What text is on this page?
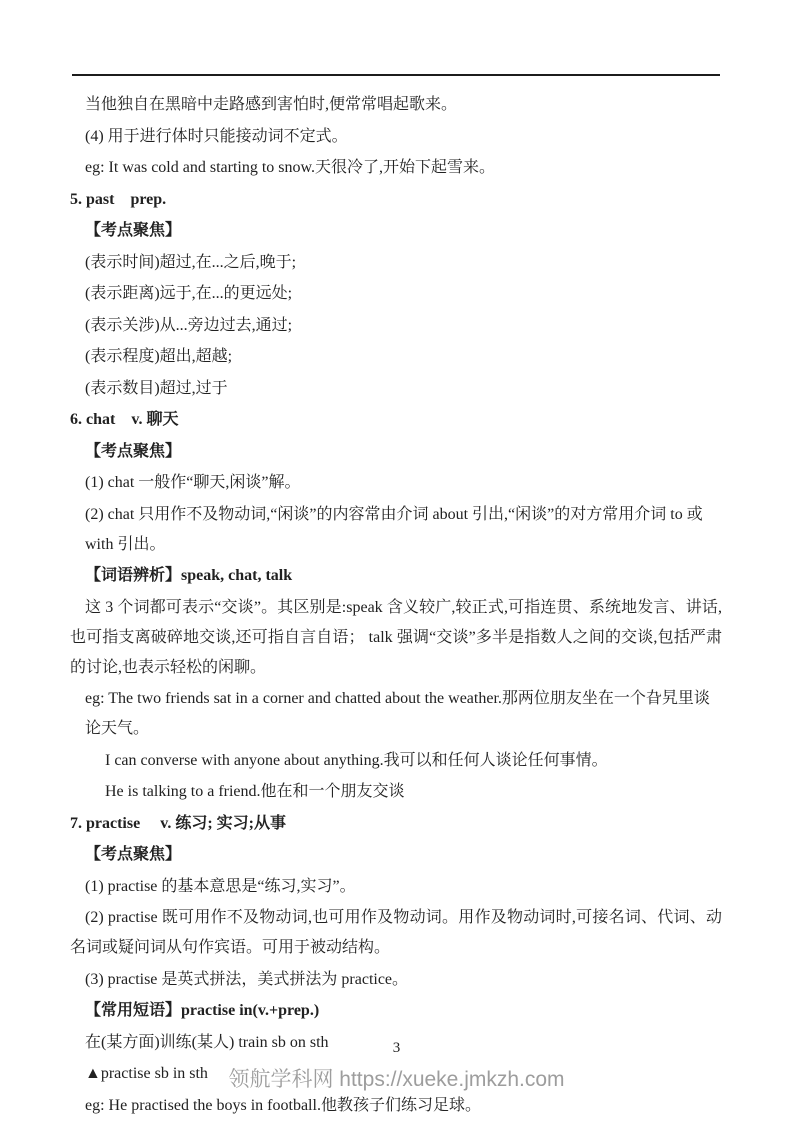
当他独自在黑暗中走路感到害怕时,便常常唱起歌来。

(4) 用于进行体时只能接动词不定式。

eg: It was cold and starting to snow.天很冷了,开始下起雪来。

5. past    prep.

【考点聚焦】

(表示时间)超过,在...之后,晚于;

(表示距离)远于,在...的更远处;

(表示关涉)从...旁边过去,通过;

(表示程度)超出,超越;

(表示数目)超过,过于

6. chat    v. 聊天

【考点聚焦】

(1) chat 一般作“聊天,闲谈”解。

(2) chat 只用作不及物动词,“闲谈”的内容常由介词 about 引出,“闲谈”的对方常用介词 to 或 with 引出。

【词语辨析】speak, chat, talk

这 3 个词都可表示“交谈”。其区别是:speak 含义较广,较正式,可指连贯、系统地发言、讲话,也可指支离破碎地交谈,还可指自言自语； talk 强调“交谈”多半是指数人之间的交谈,包括严肃的讨论,也表示轻松的闲聊。

eg: The two friends sat in a corner and chatted about the weather.那两位朋友坐在一个旮旯里谈论天气。

I can converse with anyone about anything.我可以和任何人谈论任何事情。

He is talking to a friend.他在和一个朋友交谈

7. practise     v. 练习; 实习;从事

【考点聚焦】

(1) practise 的基本意思是“练习,实习”。

(2) practise 既可用作不及物动词,也可用作及物动词。用作及物动词时,可接名词、代词、动名词或疑问词从句作宾语。可用于被动结构。

(3) practise 是英式拼法，美式拼法为 practice。

【常用短语】practise in(v.+prep.)

在(某方面)训练(某人) train sb on sth

▲practise sb in sth

eg: He practised the boys in football.他教孩子们练习足球。

3
领航学科网 https://xueke.jmkzh.com
